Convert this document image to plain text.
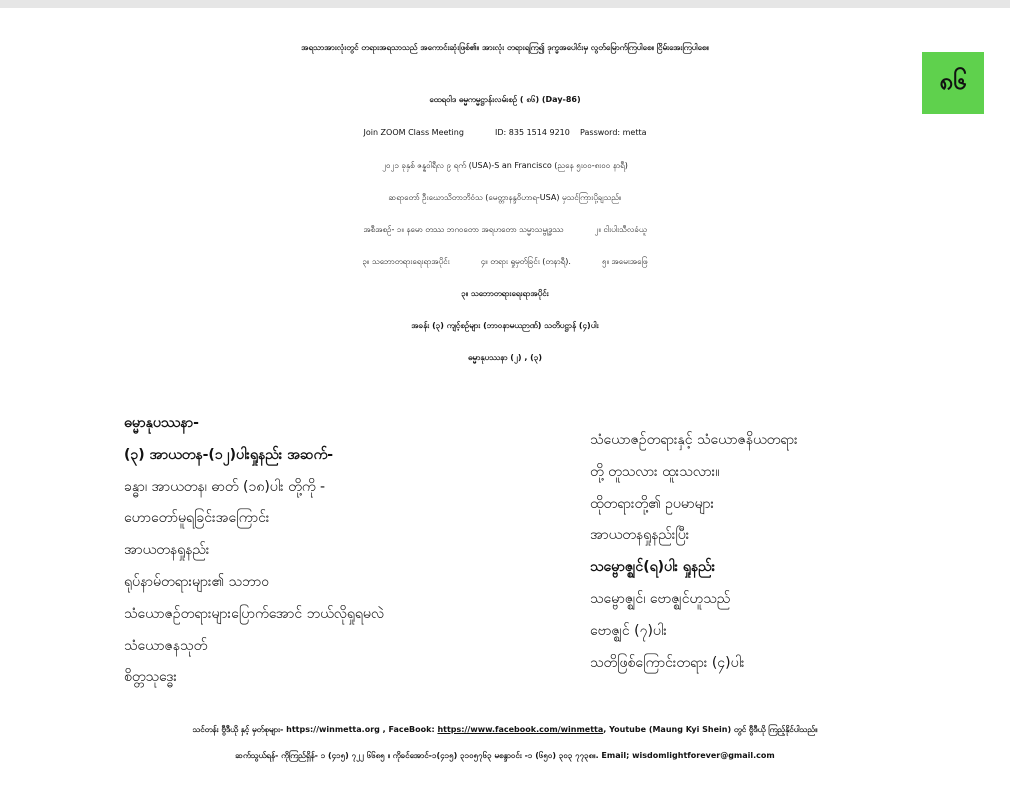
အရသာအားလုံးတွင် တရားအရသာသည် အကောင်းဆုံးဖြစ်၏။ အားလုံး တရားရကြ၍ ဒုက္ခအပေါင်းမှ လွတ်မြောက်ကြပါစေ။ ငြိမ်းအေးကြပါစေ။
၈၆
ထေရဝါဒ ဓမ္မကမ္မဋ္ဌာန်းလမ်းစဥ် ( ၈၆) (Day-86)
Join ZOOM Class Meeting	ID: 835 1514 9210 Password: metta
၂၀၂၁ ခုနှစ် ဇန္နဝါရီလ ၉ ရက် (USA)-S an Francisco (ညနေ ၅း၀၀-၈း၀၀ နာရီ)
ဆရာတော် ဦးဃောသိတာဘိဝံသ (မေတ္တာနန္ဒဝိဟာရ-USA) မှသင်ကြားပို့ချသည်။
အစီအစဥ်- ၁။ နမော တဿ ဘဂဝတော အရဟတော သမ္မာသမ္ဗုဒ္ဓဿ	၂။ ငါးပါးသီလခံယူ
၃။ သဘောတရားရေးရာအပိုင်း	၄။ တရား ရှုမှတ်ခြင်း (တနာရီ).	၅။ အမေးအဖြေ
၃။ သဘောတရားရေးရာအပိုင်း
အခန်း (၃) ကျင့်စဥ်များ (ဘာဝနာမယဉာဏ်) သတိပဋ္ဌာန် (၄)ပါး
ဓမ္မာနုပဿနာ (၂) , (၃)
ဓမ္မာနုပဿနာ-
(၃) အာယတန-(၁၂)ပါးရှုနည်း အဆက်-
ခန္ဓာ၊ အာယတန၊ ဓာတ် (၁၈)ပါး တို့ကို -
ဟောတော်မူရခြင်းအကြောင်း
အာယတနရှုနည်း
ရုပ်နာမ်တရားများ၏ သဘာဝ
သံယောဇဥ်တရားများပြောက်အောင် ဘယ်လိုရှုရမလဲ
သံယောဇနသုတ်
စိတ္တသုဒ္ဓေး
သံယောဇဥ်တရားနှင့် သံယောဇနိယတရား
တို့ တူသလား ထူးသလား။
ထိုတရားတို့၏ ဥပမာများ
အာယတနရှုနည်းပြီး
သမ္ဗောဇ္ဈင်(ရ)ပါး ရှုနည်း
သမ္ဗောဇ္ဈင်၊ ဗောဇ္ဈင်ဟူသည်
ဗောဇ္ဈင် (၇)ပါး
သတိဖြစ်ကြောင်းတရား (၄)ပါး
သင်တန်း ဗွီဒီယို နှင့် မှတ်စုများ- https://winmetta.org , FaceBook: https://www.facebook.com/winmetta, Youtube (Maung Kyi Shein) တွင် ဗွီဒီယို ကြည့်နိုင်ပါသည်။
ဆက်သွယ်ရန်- ကိုကြည်ရှိန်- ၁ (၄၁၅) ၇၂၂ ၆၆၈၅ ။ ကိုခင်အောင်-၁(၄၁၅) ၃၁၀၅၇၆၃ မစန္ဒာဝင်း -၁ (၆၅၀) ၃၀၃ ၇၇၃၈။. Email; wisdomlightforever@gmail.com
